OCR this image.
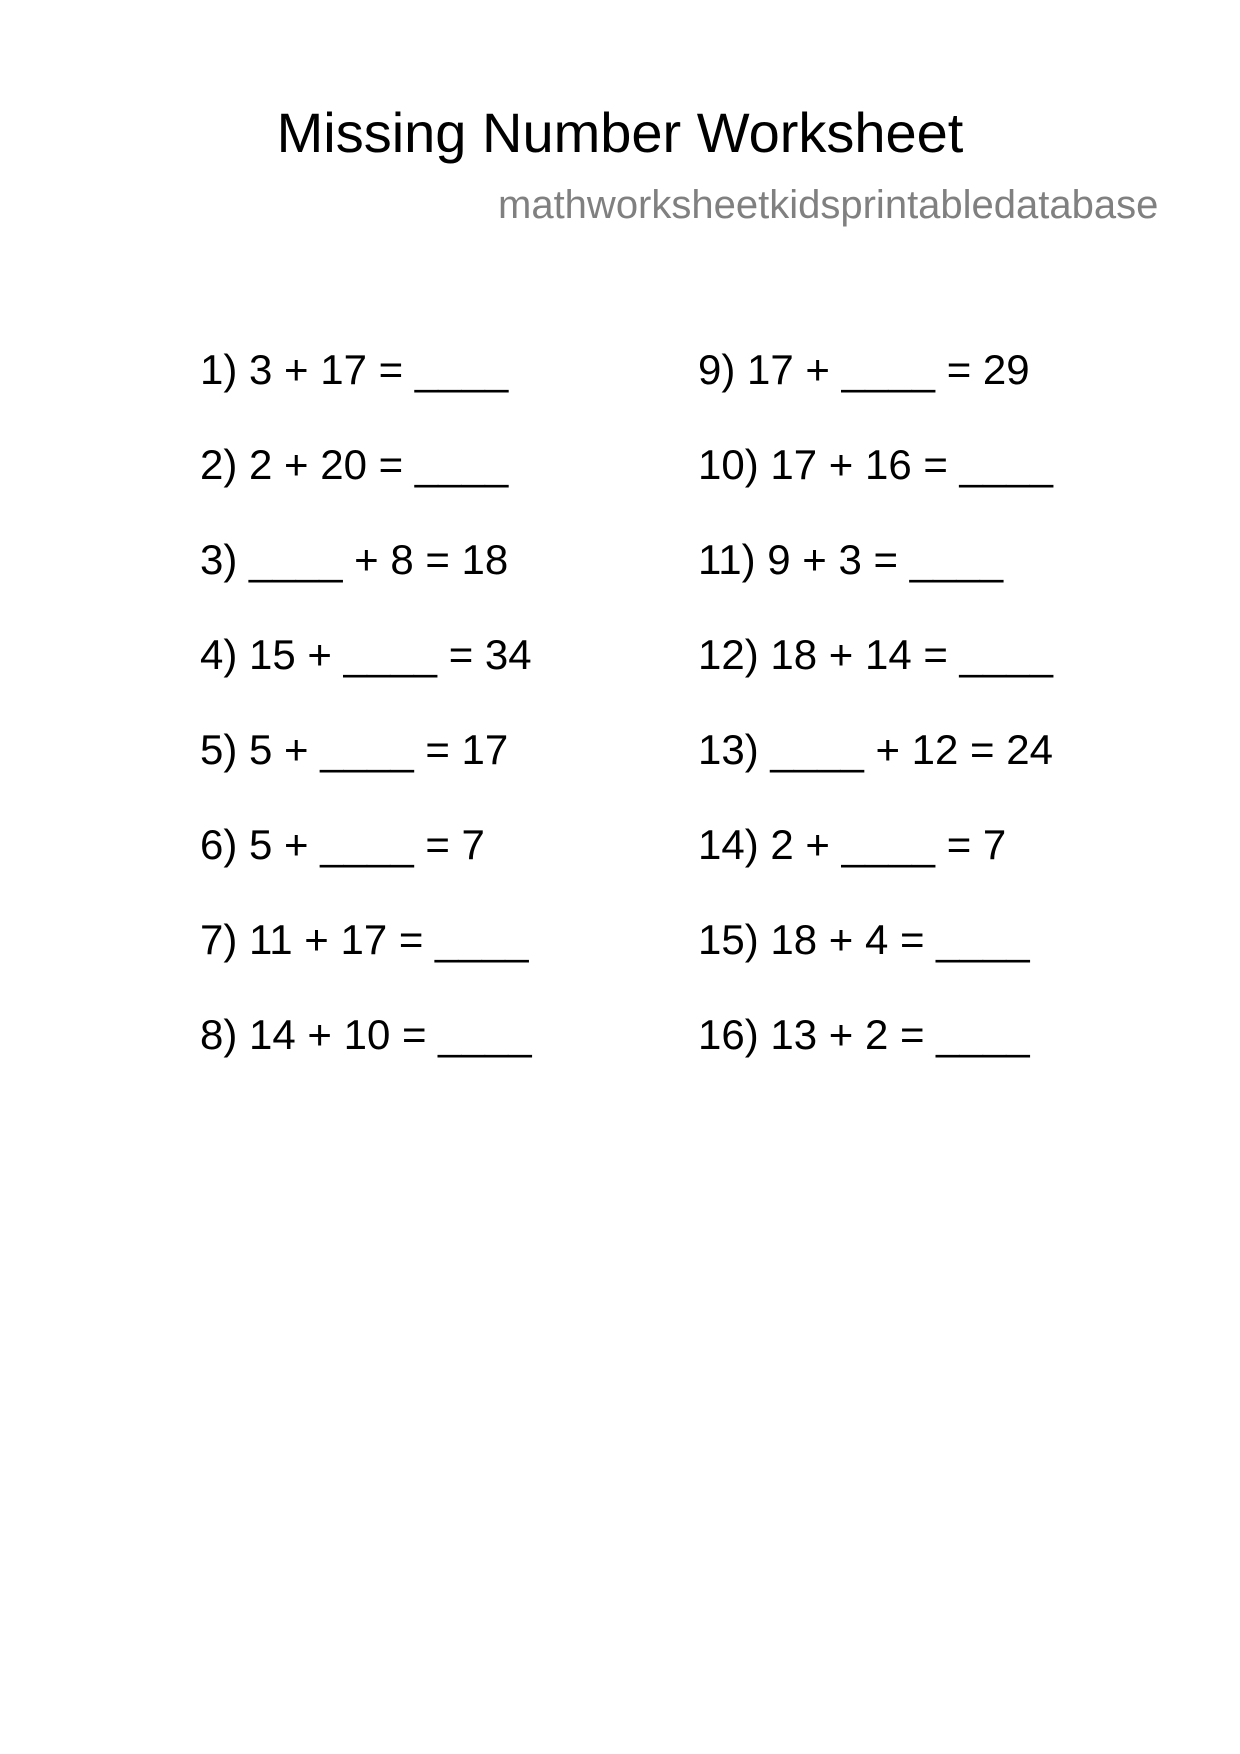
Missing Number Worksheet
mathworksheetkidsprintabledatabase
1) 3 + 17 = ____
2) 2 + 20 = ____
3) ____ + 8 = 18
4) 15 + ____ = 34
5) 5 + ____ = 17
6) 5 + ____ = 7
7) 11 + 17 = ____
8) 14 + 10 = ____
9) 17 + ____ = 29
10) 17 + 16 = ____
11) 9 + 3 = ____
12) 18 + 14 = ____
13) ____ + 12 = 24
14) 2 + ____ = 7
15) 18 + 4 = ____
16) 13 + 2 = ____
